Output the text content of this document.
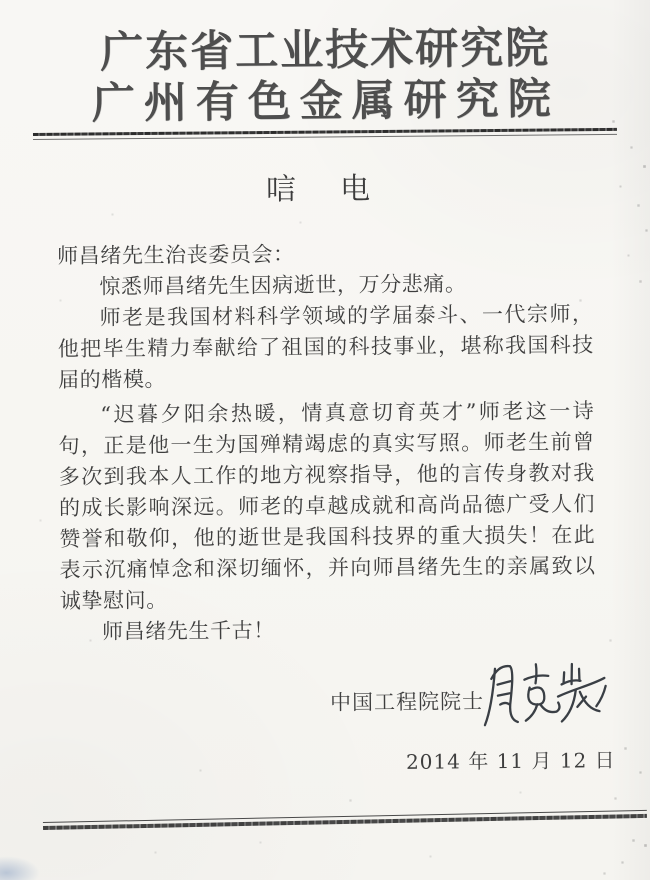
广东省工业技术研究院
广州有色金属研究院
唁 电

师昌绪先生治丧委员会：

惊悉师昌绪先生因病逝世，万分悲痛。

师老是我国材料科学领域的学届泰斗、一代宗师，他把毕生精力奉献给了祖国的科技事业，堪称我国科技届的楷模。

“迟暮夕阳余热暖，情真意切育英才”师老这一诗句，正是他一生为国殚精竭虑的真实写照。师老生前曾多次到我本人工作的地方视察指导，他的言传身教对我的成长影响深远。师老的卓越成就和高尚品德广受人们赞誉和敬仰，他的逝世是我国科技界的重大损失！在此表示沉痛悼念和深切缅怀，并向师昌绪先生的亲属致以诚挚慰问。

师昌绪先生千古！

中国工程院院士
2014 年 11 月 12 日
